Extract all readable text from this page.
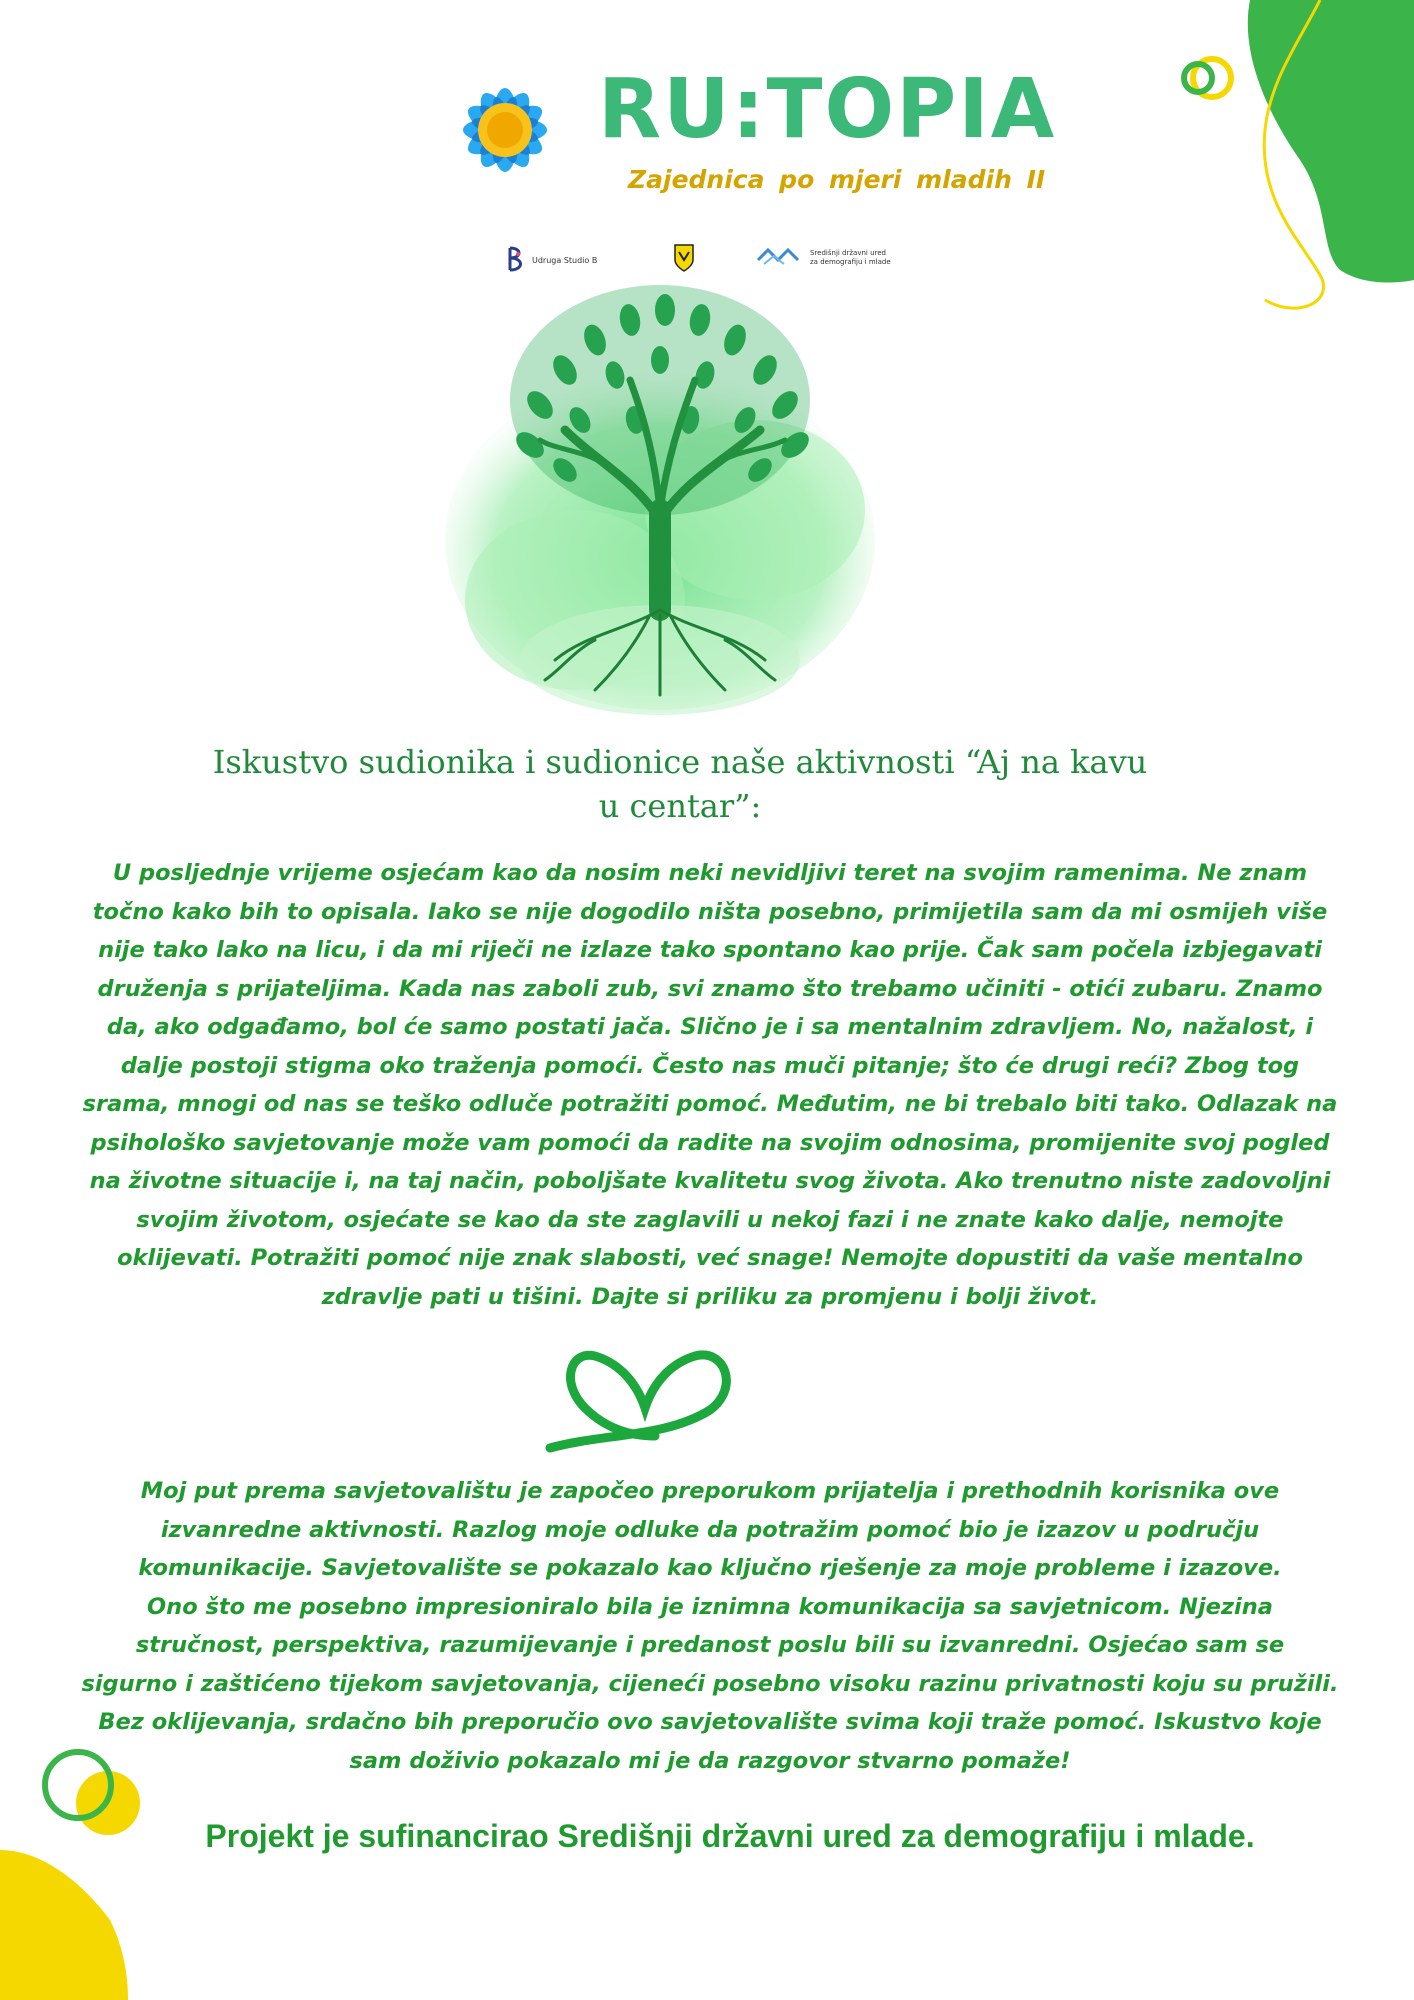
RU:TOPIA
Zajednica po mjeri mladih II
Udruga Studio B
Središnji državni ured
za demografiju i mlade
Iskustvo sudionika i sudionice naše aktivnosti “Aj na kavu
u centar”:
U posljednje vrijeme osjećam kao da nosim neki nevidljivi teret na svojim ramenima. Ne znam
točno kako bih to opisala. Iako se nije dogodilo ništa posebno, primijetila sam da mi osmijeh više
nije tako lako na licu, i da mi riječi ne izlaze tako spontano kao prije. Čak sam počela izbjegavati
druženja s prijateljima. Kada nas zaboli zub, svi znamo što trebamo učiniti - otići zubaru. Znamo
da, ako odgađamo, bol će samo postati jača. Slično je i sa mentalnim zdravljem. No, nažalost, i
dalje postoji stigma oko traženja pomoći. Često nas muči pitanje; što će drugi reći? Zbog tog
srama, mnogi od nas se teško odluče potražiti pomoć. Međutim, ne bi trebalo biti tako. Odlazak na
psihološko savjetovanje može vam pomoći da radite na svojim odnosima, promijenite svoj pogled
na životne situacije i, na taj način, poboljšate kvalitetu svog života. Ako trenutno niste zadovoljni
svojim životom, osjećate se kao da ste zaglavili u nekoj fazi i ne znate kako dalje, nemojte
oklijevati. Potražiti pomoć nije znak slabosti, već snage! Nemojte dopustiti da vaše mentalno
zdravlje pati u tišini. Dajte si priliku za promjenu i bolji život.
Moj put prema savjetovalištu je započeo preporukom prijatelja i prethodnih korisnika ove
izvanredne aktivnosti. Razlog moje odluke da potražim pomoć bio je izazov u području
komunikacije. Savjetovalište se pokazalo kao ključno rješenje za moje probleme i izazove.
Ono što me posebno impresioniralo bila je iznimna komunikacija sa savjetnicom. Njezina
stručnost, perspektiva, razumijevanje i predanost poslu bili su izvanredni. Osjećao sam se
sigurno i zaštićeno tijekom savjetovanja, cijeneći posebno visoku razinu privatnosti koju su pružili.
Bez oklijevanja, srdačno bih preporučio ovo savjetovalište svima koji traže pomoć. Iskustvo koje
sam doživio pokazalo mi je da razgovor stvarno pomaže!
Projekt je sufinancirao Središnji državni ured za demografiju i mlade.
